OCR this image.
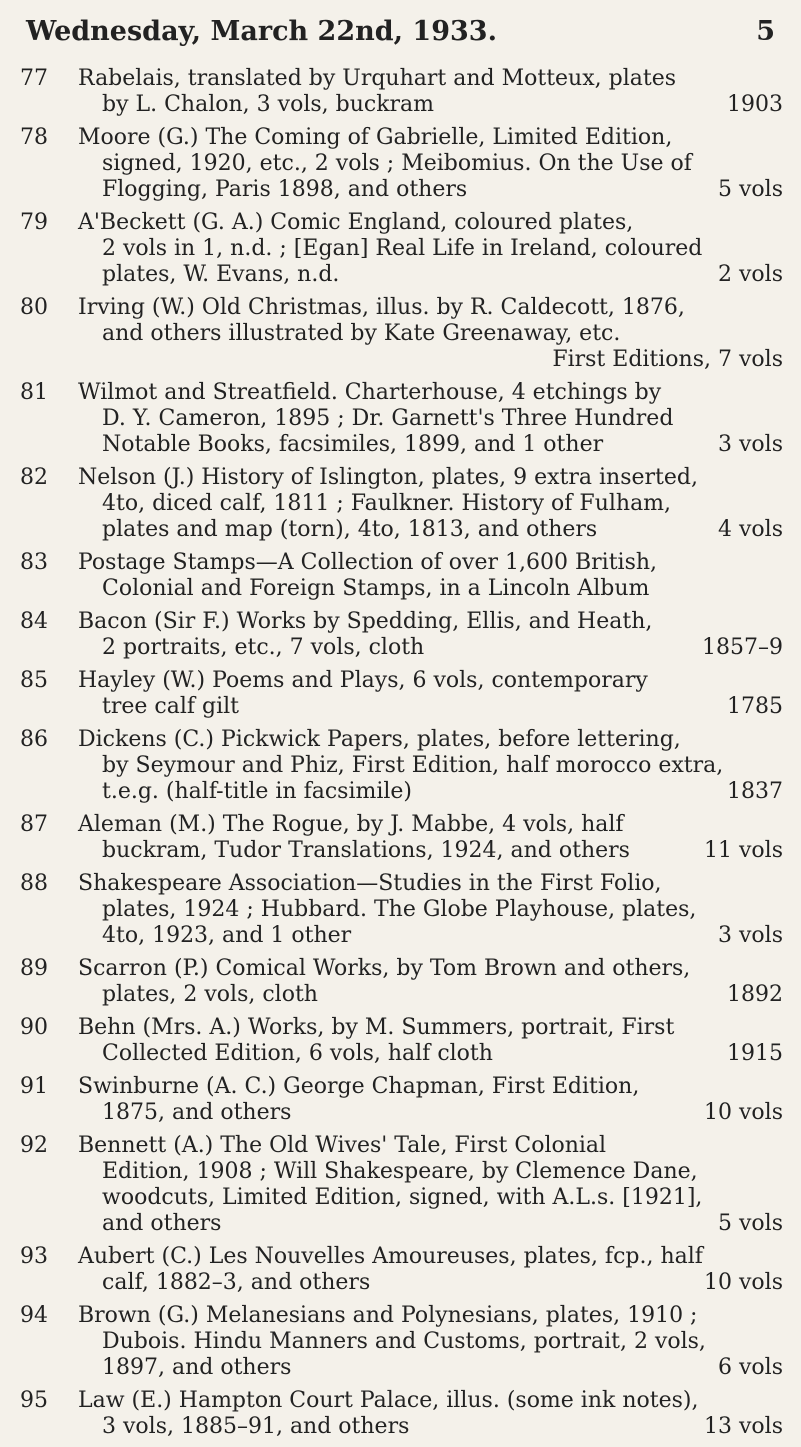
Wednesday, March 22nd, 1933.	5
77	Rabelais, translated by Urquhart and Motteux, plates
by L. Chalon, 3 vols, buckram	1903
78	Moore (G.) The Coming of Gabrielle, Limited Edition,
signed, 1920, etc., 2 vols ; Meibomius. On the Use of
Flogging, Paris 1898, and others	5 vols
79	A'Beckett (G. A.) Comic England, coloured plates,
2 vols in 1, n.d. ; [Egan] Real Life in Ireland, coloured
plates, W. Evans, n.d.	2 vols
80	Irving (W.) Old Christmas, illus. by R. Caldecott, 1876,
and others illustrated by Kate Greenaway, etc.
First Editions, 7 vols
81	Wilmot and Streatfield. Charterhouse, 4 etchings by
D. Y. Cameron, 1895 ; Dr. Garnett's Three Hundred
Notable Books, facsimiles, 1899, and 1 other	3 vols
82	Nelson (J.) History of Islington, plates, 9 extra inserted,
4to, diced calf, 1811 ; Faulkner. History of Fulham,
plates and map (torn), 4to, 1813, and others	4 vols
83	Postage Stamps—A Collection of over 1,600 British,
Colonial and Foreign Stamps, in a Lincoln Album
84	Bacon (Sir F.) Works by Spedding, Ellis, and Heath,
2 portraits, etc., 7 vols, cloth	1857–9
85	Hayley (W.) Poems and Plays, 6 vols, contemporary
tree calf gilt	1785
86	Dickens (C.) Pickwick Papers, plates, before lettering,
by Seymour and Phiz, First Edition, half morocco extra,
t.e.g. (half-title in facsimile)	1837
87	Aleman (M.) The Rogue, by J. Mabbe, 4 vols, half
buckram, Tudor Translations, 1924, and others	11 vols
88	Shakespeare Association—Studies in the First Folio,
plates, 1924 ; Hubbard. The Globe Playhouse, plates,
4to, 1923, and 1 other	3 vols
89	Scarron (P.) Comical Works, by Tom Brown and others,
plates, 2 vols, cloth	1892
90	Behn (Mrs. A.) Works, by M. Summers, portrait, First
Collected Edition, 6 vols, half cloth	1915
91	Swinburne (A. C.) George Chapman, First Edition,
1875, and others	10 vols
92	Bennett (A.) The Old Wives' Tale, First Colonial
Edition, 1908 ; Will Shakespeare, by Clemence Dane,
woodcuts, Limited Edition, signed, with A.L.s. [1921],
and others	5 vols
93	Aubert (C.) Les Nouvelles Amoureuses, plates, fcp., half
calf, 1882–3, and others	10 vols
94	Brown (G.) Melanesians and Polynesians, plates, 1910 ;
Dubois. Hindu Manners and Customs, portrait, 2 vols,
1897, and others	6 vols
95	Law (E.) Hampton Court Palace, illus. (some ink notes),
3 vols, 1885–91, and others	13 vols
